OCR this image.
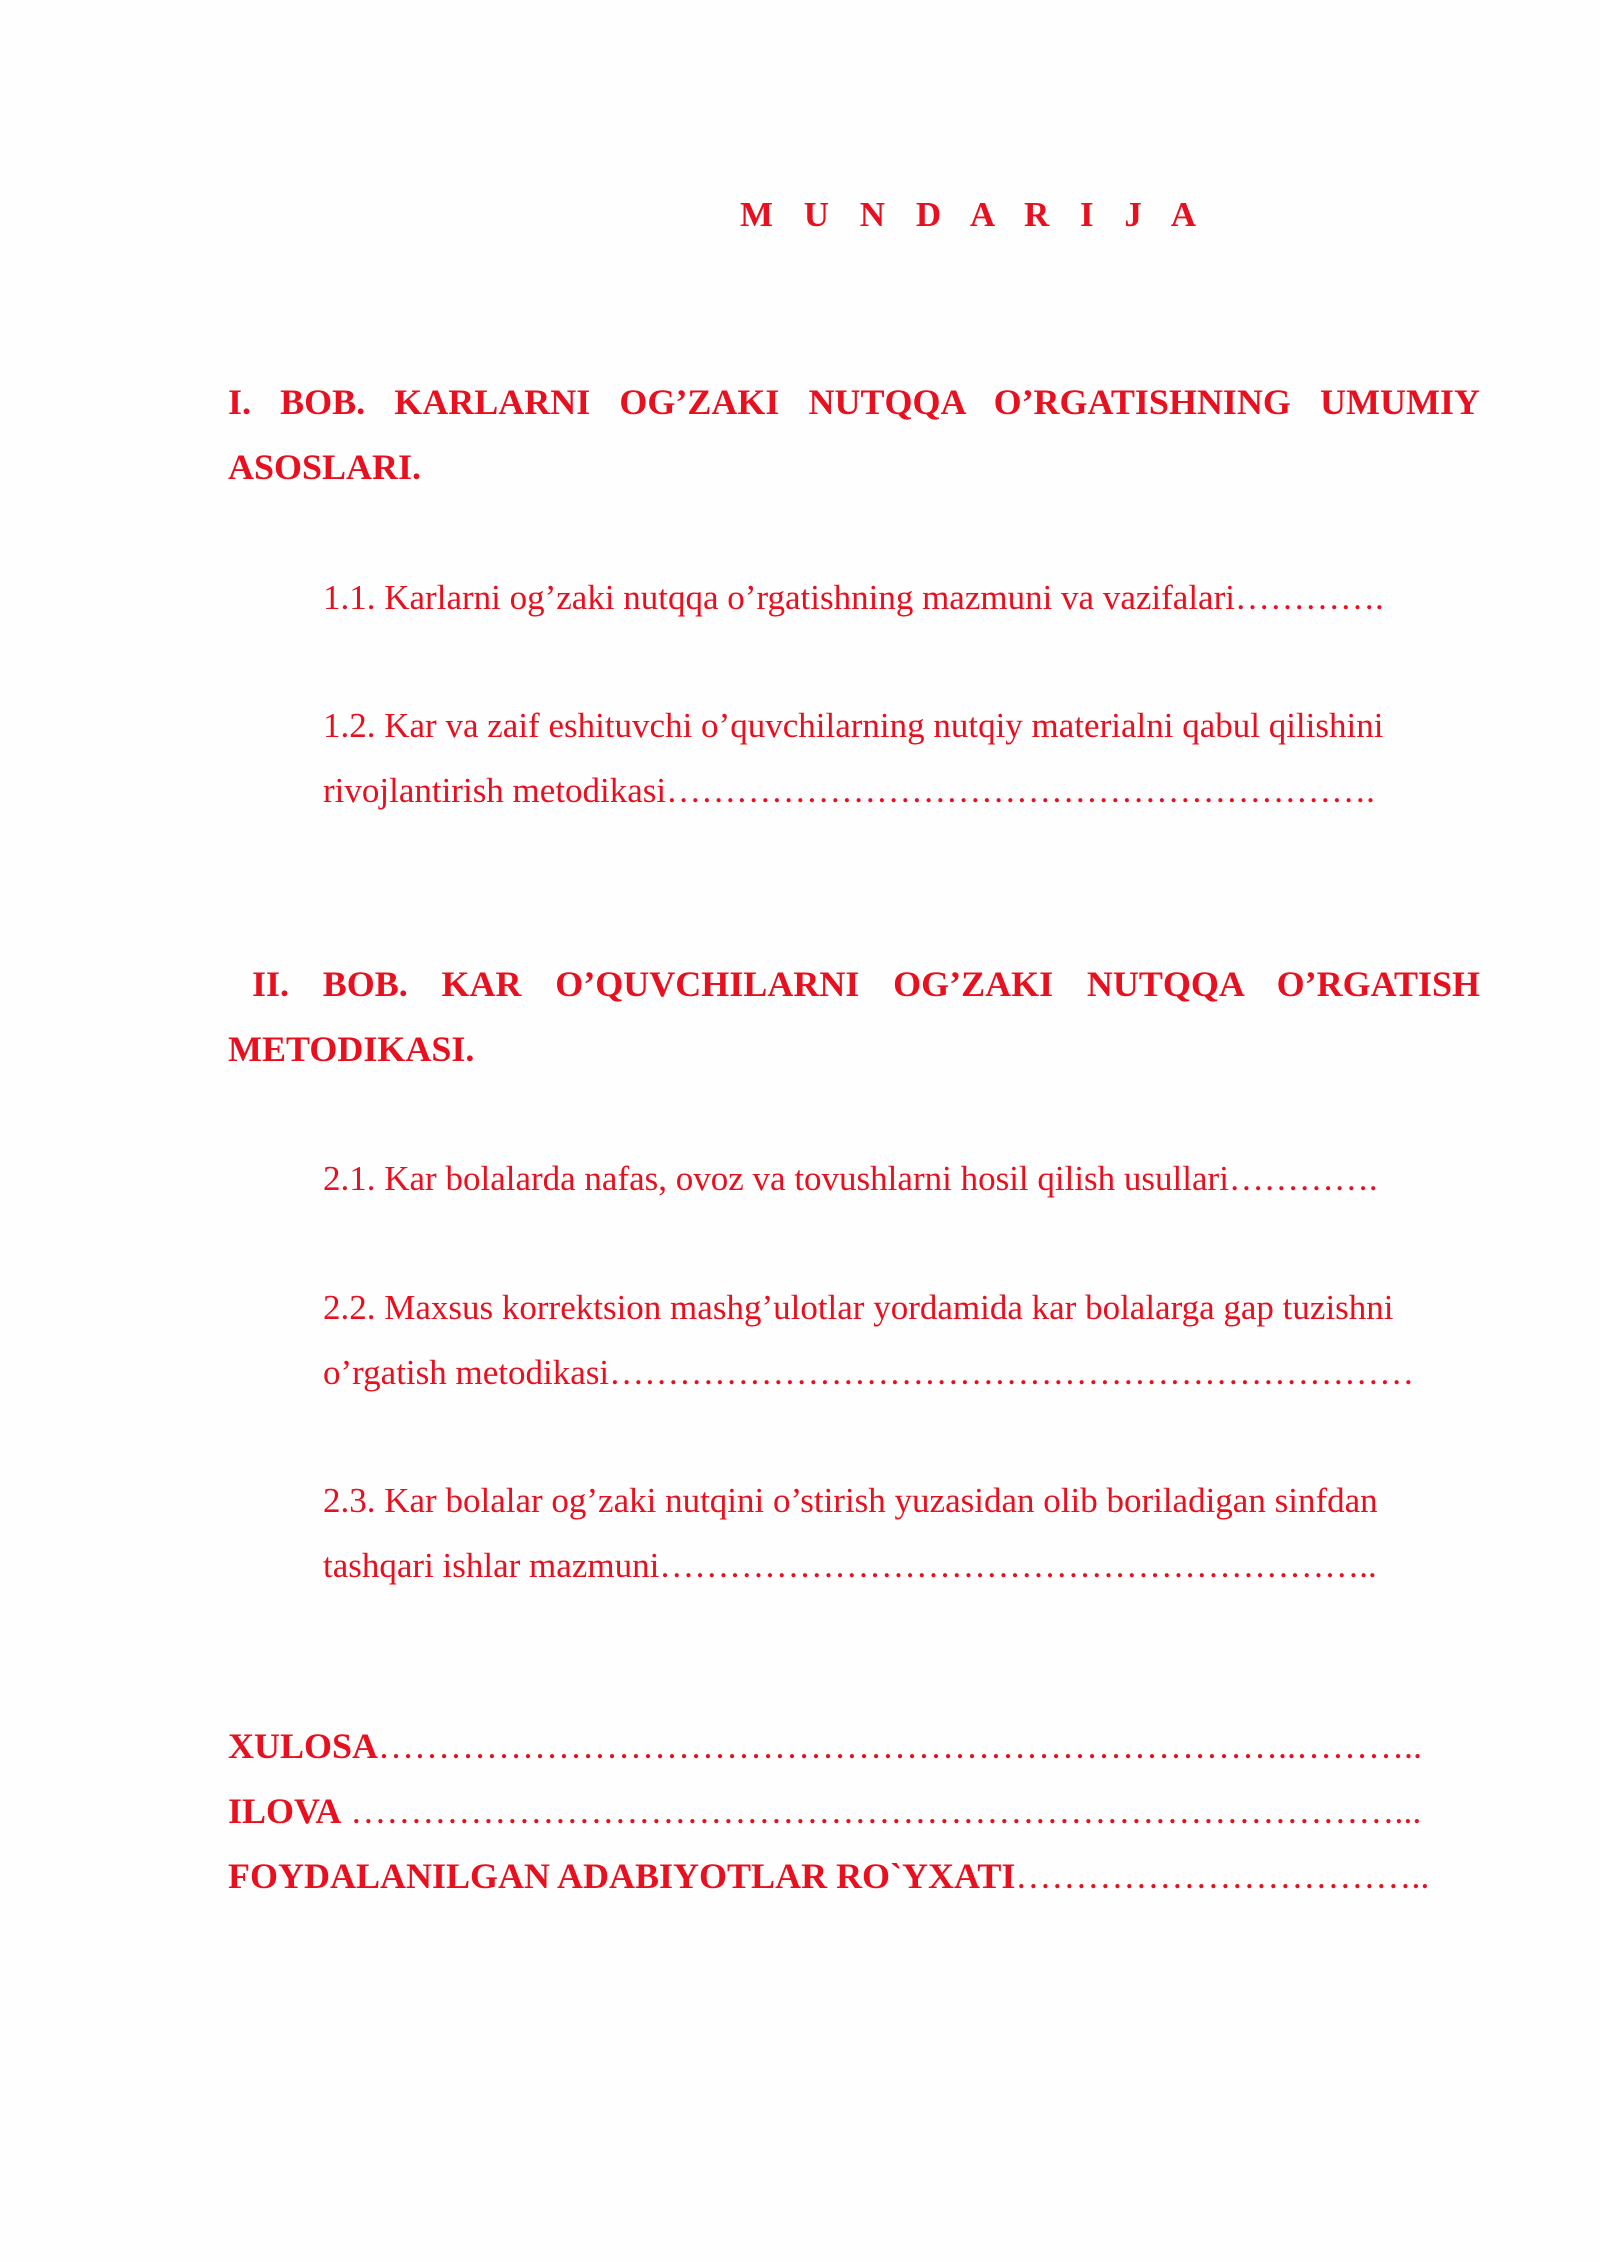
M U N D A R I J A
I. BOB. KARLARNI OG’ZAKI NUTQQA O’RGATISHNING UMUMIY
ASOSLARI.
1.1. Karlarni og’zaki nutqqa o’rgatishning mazmuni va vazifalari………….
1.2. Kar va zaif eshituvchi o’quvchilarning nutqiy materialni qabul qilishini
rivojlantirish metodikasi…………………………………………………….
II. BOB. KAR O’QUVCHILARNI OG’ZAKI NUTQQA O’RGATISH
METODIKASI.
2.1. Kar bolalarda nafas, ovoz va tovushlarni hosil qilish usullari………….
2.2. Maxsus korrektsion mashg’ulotlar yordamida kar bolalarga gap tuzishni
o’rgatish metodikasi……………………………………………………………
2.3. Kar bolalar og’zaki nutqini o’stirish yuzasidan olib boriladigan sinfdan
tashqari ishlar mazmuni……………………………………………………..
XULOSA…………………………………………………………………..………..
ILOVA ……………………………………………………………………………...
FOYDALANILGAN ADABIYOTLAR RO`YXATI……………………………..
